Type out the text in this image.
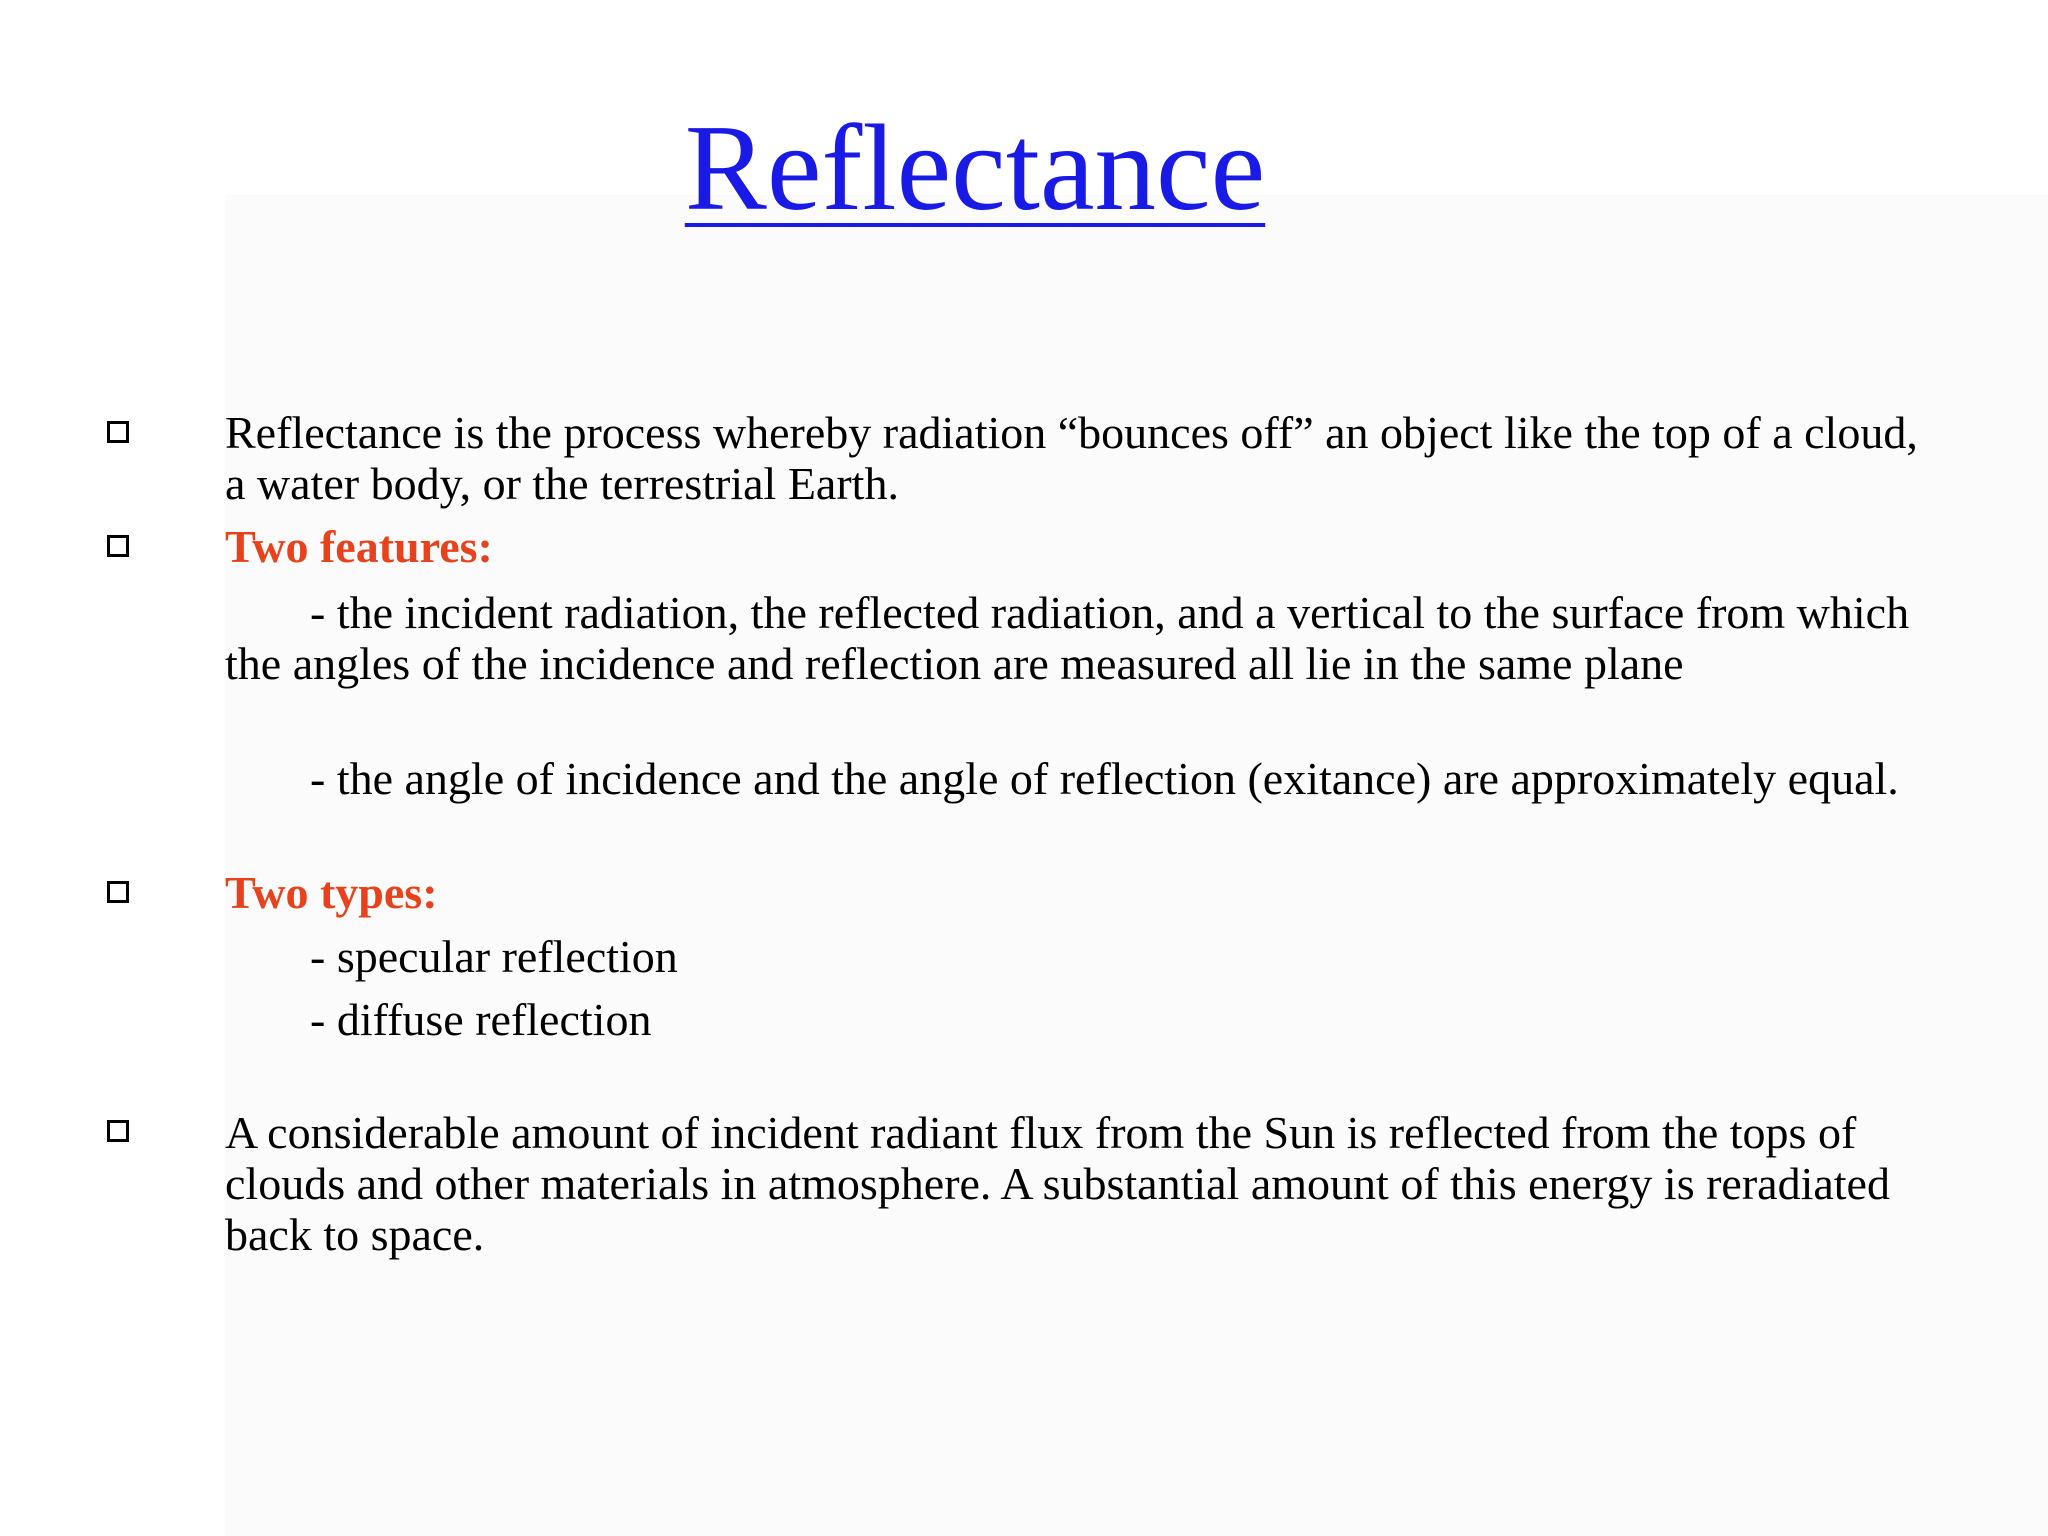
Reflectance

Reflectance is the process whereby radiation “bounces off” an object like the top of a cloud, a water body, or the terrestrial Earth.

Two features:

- the incident radiation, the reflected radiation, and a vertical to the surface from which the angles of the incidence and reflection are measured all lie in the same plane

- the angle of incidence and the angle of reflection (exitance) are approximately equal.

Two types:

- specular reflection

- diffuse reflection

A considerable amount of incident radiant flux from the Sun is reflected from the tops of clouds and other materials in atmosphere. A substantial amount of this energy is reradiated back to space.
